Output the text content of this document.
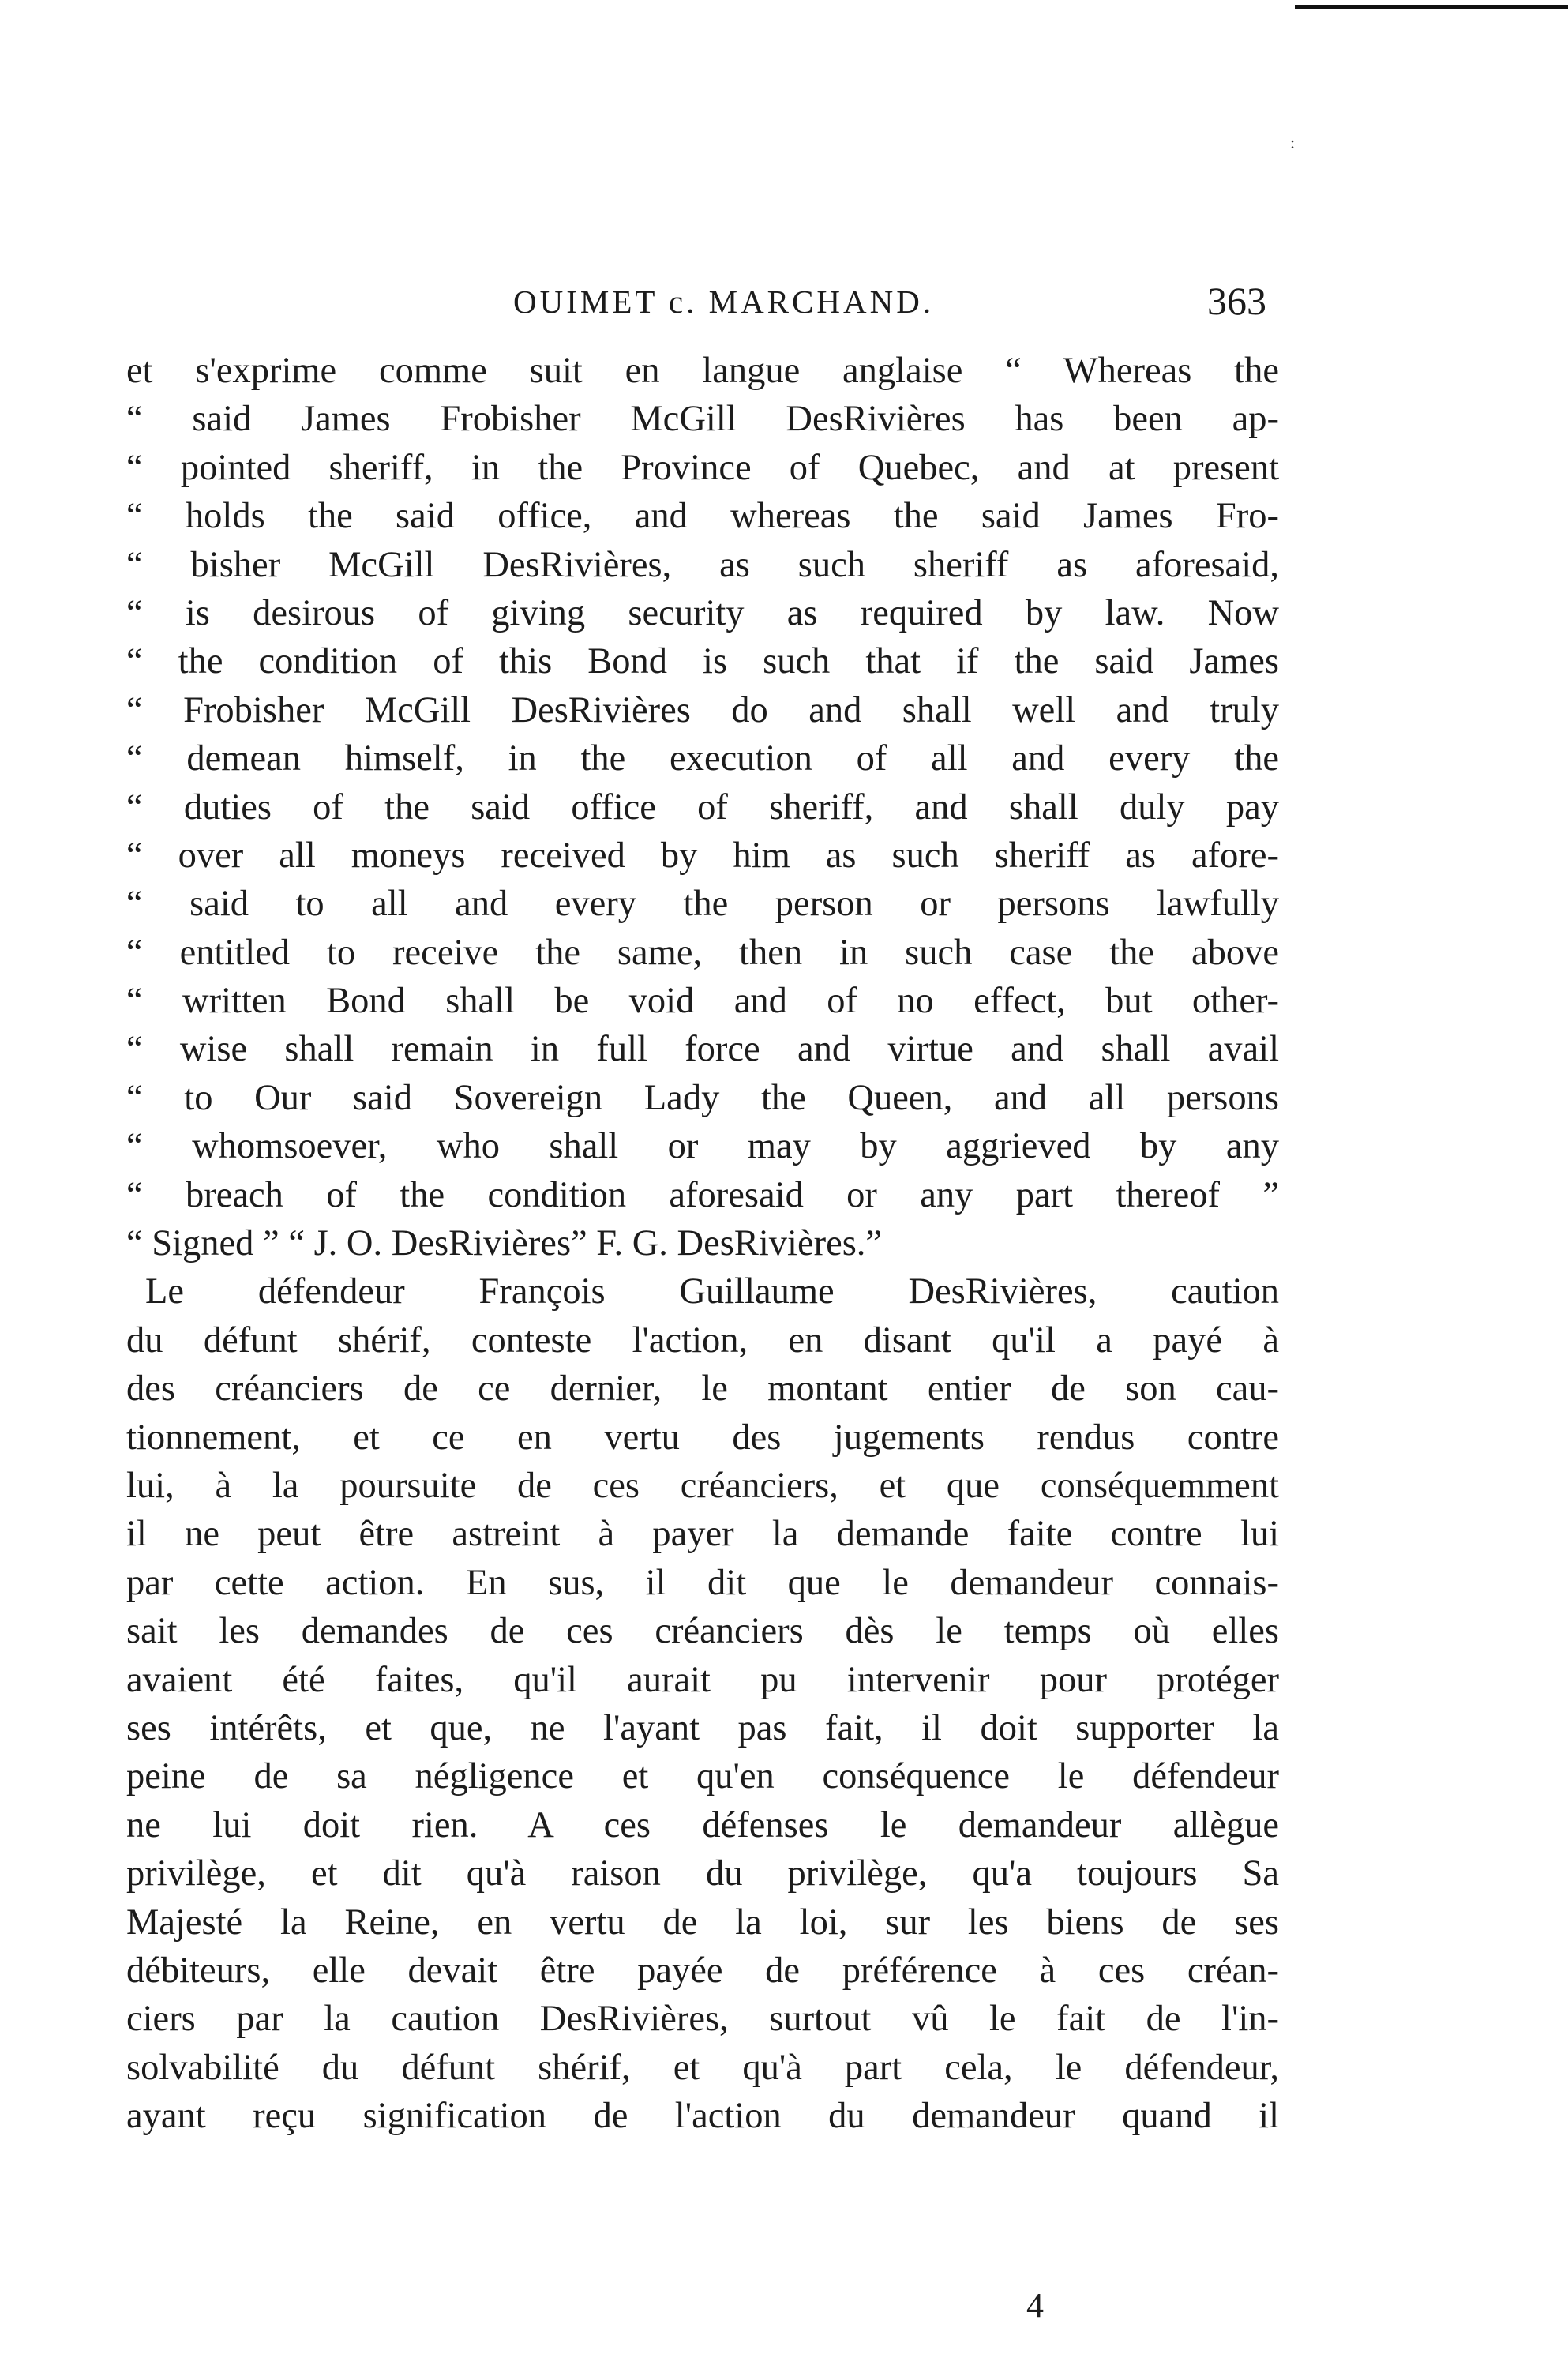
:
OUIMET c. MARCHAND.	363
et s'exprime comme suit en langue anglaise “ Whereas the
“ said James Frobisher McGill DesRivières has been ap-
“ pointed sheriff, in the Province of Quebec, and at present
“ holds the said office, and whereas the said James Fro-
“ bisher McGill DesRivières, as such sheriff as aforesaid,
“ is desirous of giving security as required by law. Now
“ the condition of this Bond is such that if the said James
“ Frobisher McGill DesRivières do and shall well and truly
“ demean himself, in the execution of all and every the
“ duties of the said office of sheriff, and shall duly pay
“ over all moneys received by him as such sheriff as afore-
“ said to all and every the person or persons lawfully
“ entitled to receive the same, then in such case the above
“ written Bond shall be void and of no effect, but other-
“ wise shall remain in full force and virtue and shall avail
“ to Our said Sovereign Lady the Queen, and all persons
“ whomsoever, who shall or may by aggrieved by any
“ breach of the condition aforesaid or any part thereof ”
“ Signed ” “ J. O. DesRivières” F. G. DesRivières.”
Le défendeur François Guillaume DesRivières, caution
du défunt shérif, conteste l'action, en disant qu'il a payé à
des créanciers de ce dernier, le montant entier de son cau-
tionnement, et ce en vertu des jugements rendus contre
lui, à la poursuite de ces créanciers, et que conséquemment
il ne peut être astreint à payer la demande faite contre lui
par cette action. En sus, il dit que le demandeur connais-
sait les demandes de ces créanciers dès le temps où elles
avaient été faites, qu'il aurait pu intervenir pour protéger
ses intérêts, et que, ne l'ayant pas fait, il doit supporter la
peine de sa négligence et qu'en conséquence le défendeur
ne lui doit rien. A ces défenses le demandeur allègue
privilège, et dit qu'à raison du privilège, qu'a toujours Sa
Majesté la Reine, en vertu de la loi, sur les biens de ses
débiteurs, elle devait être payée de préférence à ces créan-
ciers par la caution DesRivières, surtout vû le fait de l'in-
solvabilité du défunt shérif, et qu'à part cela, le défendeur,
ayant reçu signification de l'action du demandeur quand il
4
